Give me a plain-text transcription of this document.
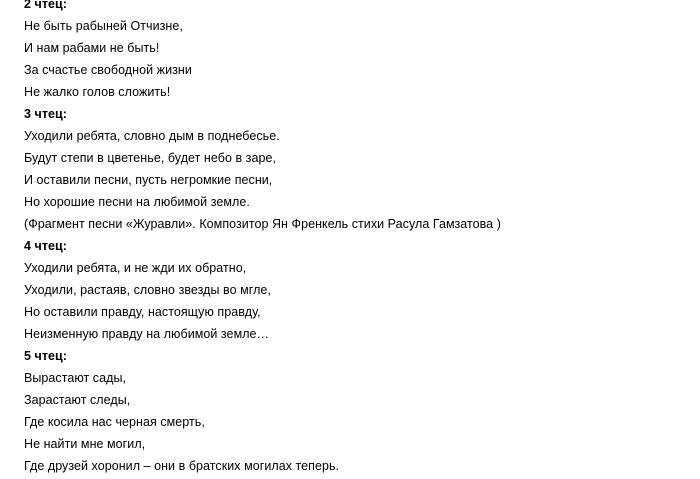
2 чтец:
Не быть рабыней Отчизне,
И нам рабами не быть!
За счастье свободной жизни
Не жалко голов сложить!
3 чтец:
Уходили ребята, словно дым в поднебесье.
Будут степи в цветенье, будет небо в заре,
И оставили песни, пусть негромкие песни,
Но хорошие песни на любимой земле.
(Фрагмент песни «Журавли». Композитор Ян Френкель стихи Расула Гамзатова )
4 чтец:
Уходили ребята, и не жди их обратно,
Уходили, растаяв, словно звезды во мгле,
Но оставили правду, настоящую правду,
Неизменную правду на любимой земле…
5 чтец:
Вырастают сады,
Зарастают следы,
Где косила нас черная смерть,
Не найти мне могил,
Где друзей хоронил – они в братских могилах теперь.
